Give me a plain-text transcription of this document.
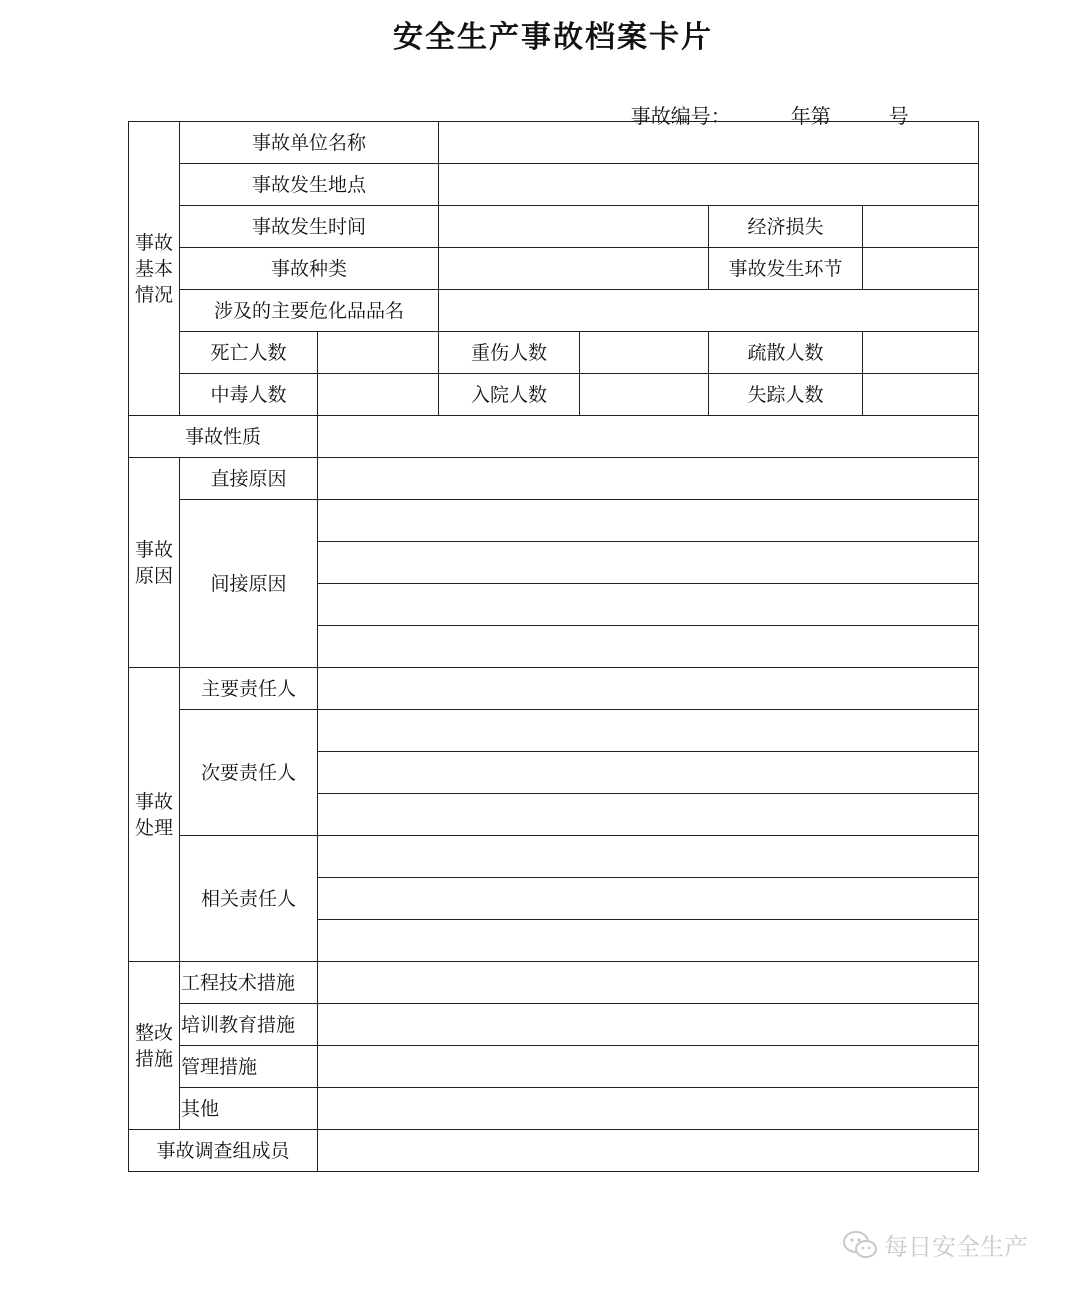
安全生产事故档案卡片

事故编号：	年第	号

事故基本情况	事故单位名称					
	事故发生地点					
	事故发生时间				经济损失	
	事故种类				事故发生环节	
	涉及的主要危化品品名					
	死亡人数		重伤人数		疏散人数	
	中毒人数		入院人数		失踪人数	
事故性质						
事故原因	直接原因					
	间接原因					

事故处理	主要责任人					
	次要责任人					

	相关责任人					

整改措施	工程技术措施					
	培训教育措施					
	管理措施					
	其他					
事故调查组成员						
每日安全生产
